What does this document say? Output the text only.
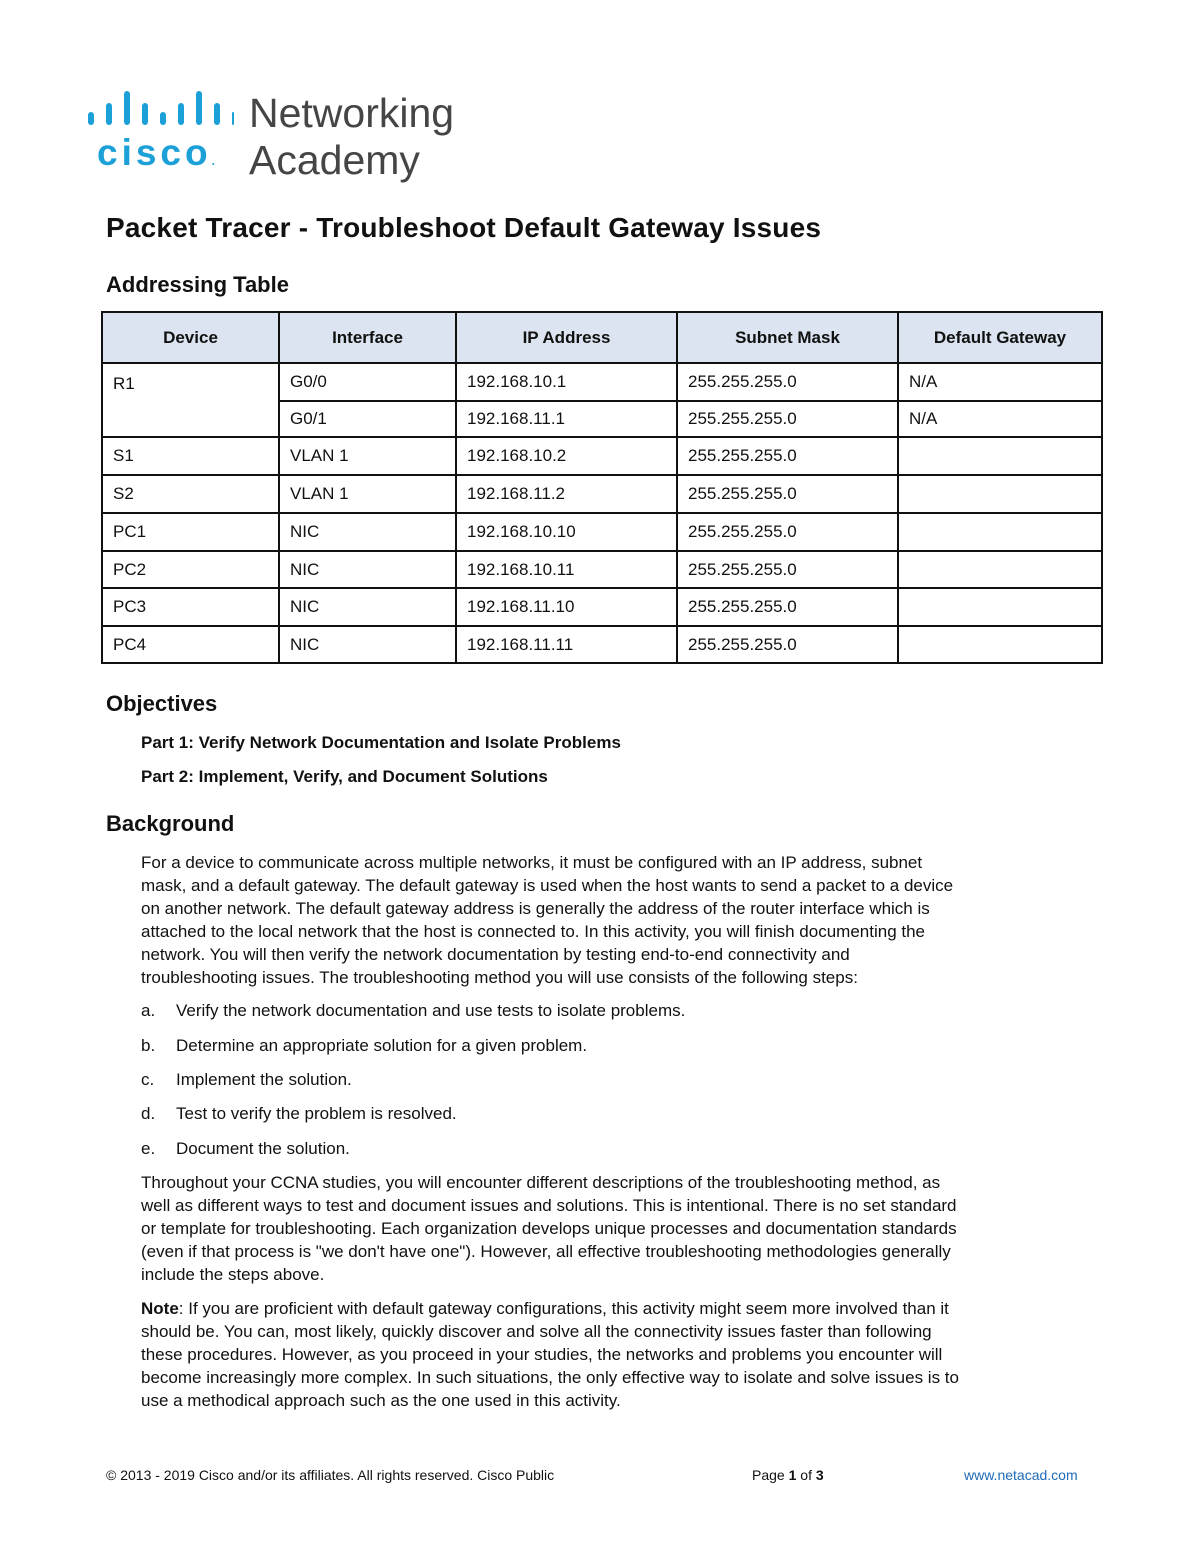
cisco.
Networking
Academy
Packet Tracer - Troubleshoot Default Gateway Issues
Addressing Table
Device	Interface	IP Address	Subnet Mask	Default Gateway
R1	G0/0	192.168.10.1	255.255.255.0	N/A
	G0/1	192.168.11.1	255.255.255.0	N/A
S1	VLAN 1	192.168.10.2	255.255.255.0	
S2	VLAN 1	192.168.11.2	255.255.255.0	
PC1	NIC	192.168.10.10	255.255.255.0	
PC2	NIC	192.168.10.11	255.255.255.0	
PC3	NIC	192.168.11.10	255.255.255.0	
PC4	NIC	192.168.11.11	255.255.255.0	
Objectives

Part 1: Verify Network Documentation and Isolate Problems

Part 2: Implement, Verify, and Document Solutions

Background
For a device to communicate across multiple networks, it must be configured with an IP address, subnet
mask, and a default gateway. The default gateway is used when the host wants to send a packet to a device
on another network. The default gateway address is generally the address of the router interface which is
attached to the local network that the host is connected to. In this activity, you will finish documenting the
network. You will then verify the network documentation by testing end-to-end connectivity and
troubleshooting issues. The troubleshooting method you will use consists of the following steps:

a. Verify the network documentation and use tests to isolate problems.

b. Determine an appropriate solution for a given problem.

c. Implement the solution.

d. Test to verify the problem is resolved.

e. Document the solution.

Throughout your CCNA studies, you will encounter different descriptions of the troubleshooting method, as
well as different ways to test and document issues and solutions. This is intentional. There is no set standard
or template for troubleshooting. Each organization develops unique processes and documentation standards
(even if that process is "we don't have one"). However, all effective troubleshooting methodologies generally
include the steps above.
Note: If you are proficient with default gateway configurations, this activity might seem more involved than it
should be. You can, most likely, quickly discover and solve all the connectivity issues faster than following
these procedures. However, as you proceed in your studies, the networks and problems you encounter will
become increasingly more complex. In such situations, the only effective way to isolate and solve issues is to
use a methodical approach such as the one used in this activity.

© 2013 - 2019 Cisco and/or its affiliates. All rights reserved. Cisco Public	Page 1 of 3	www.netacad.com
